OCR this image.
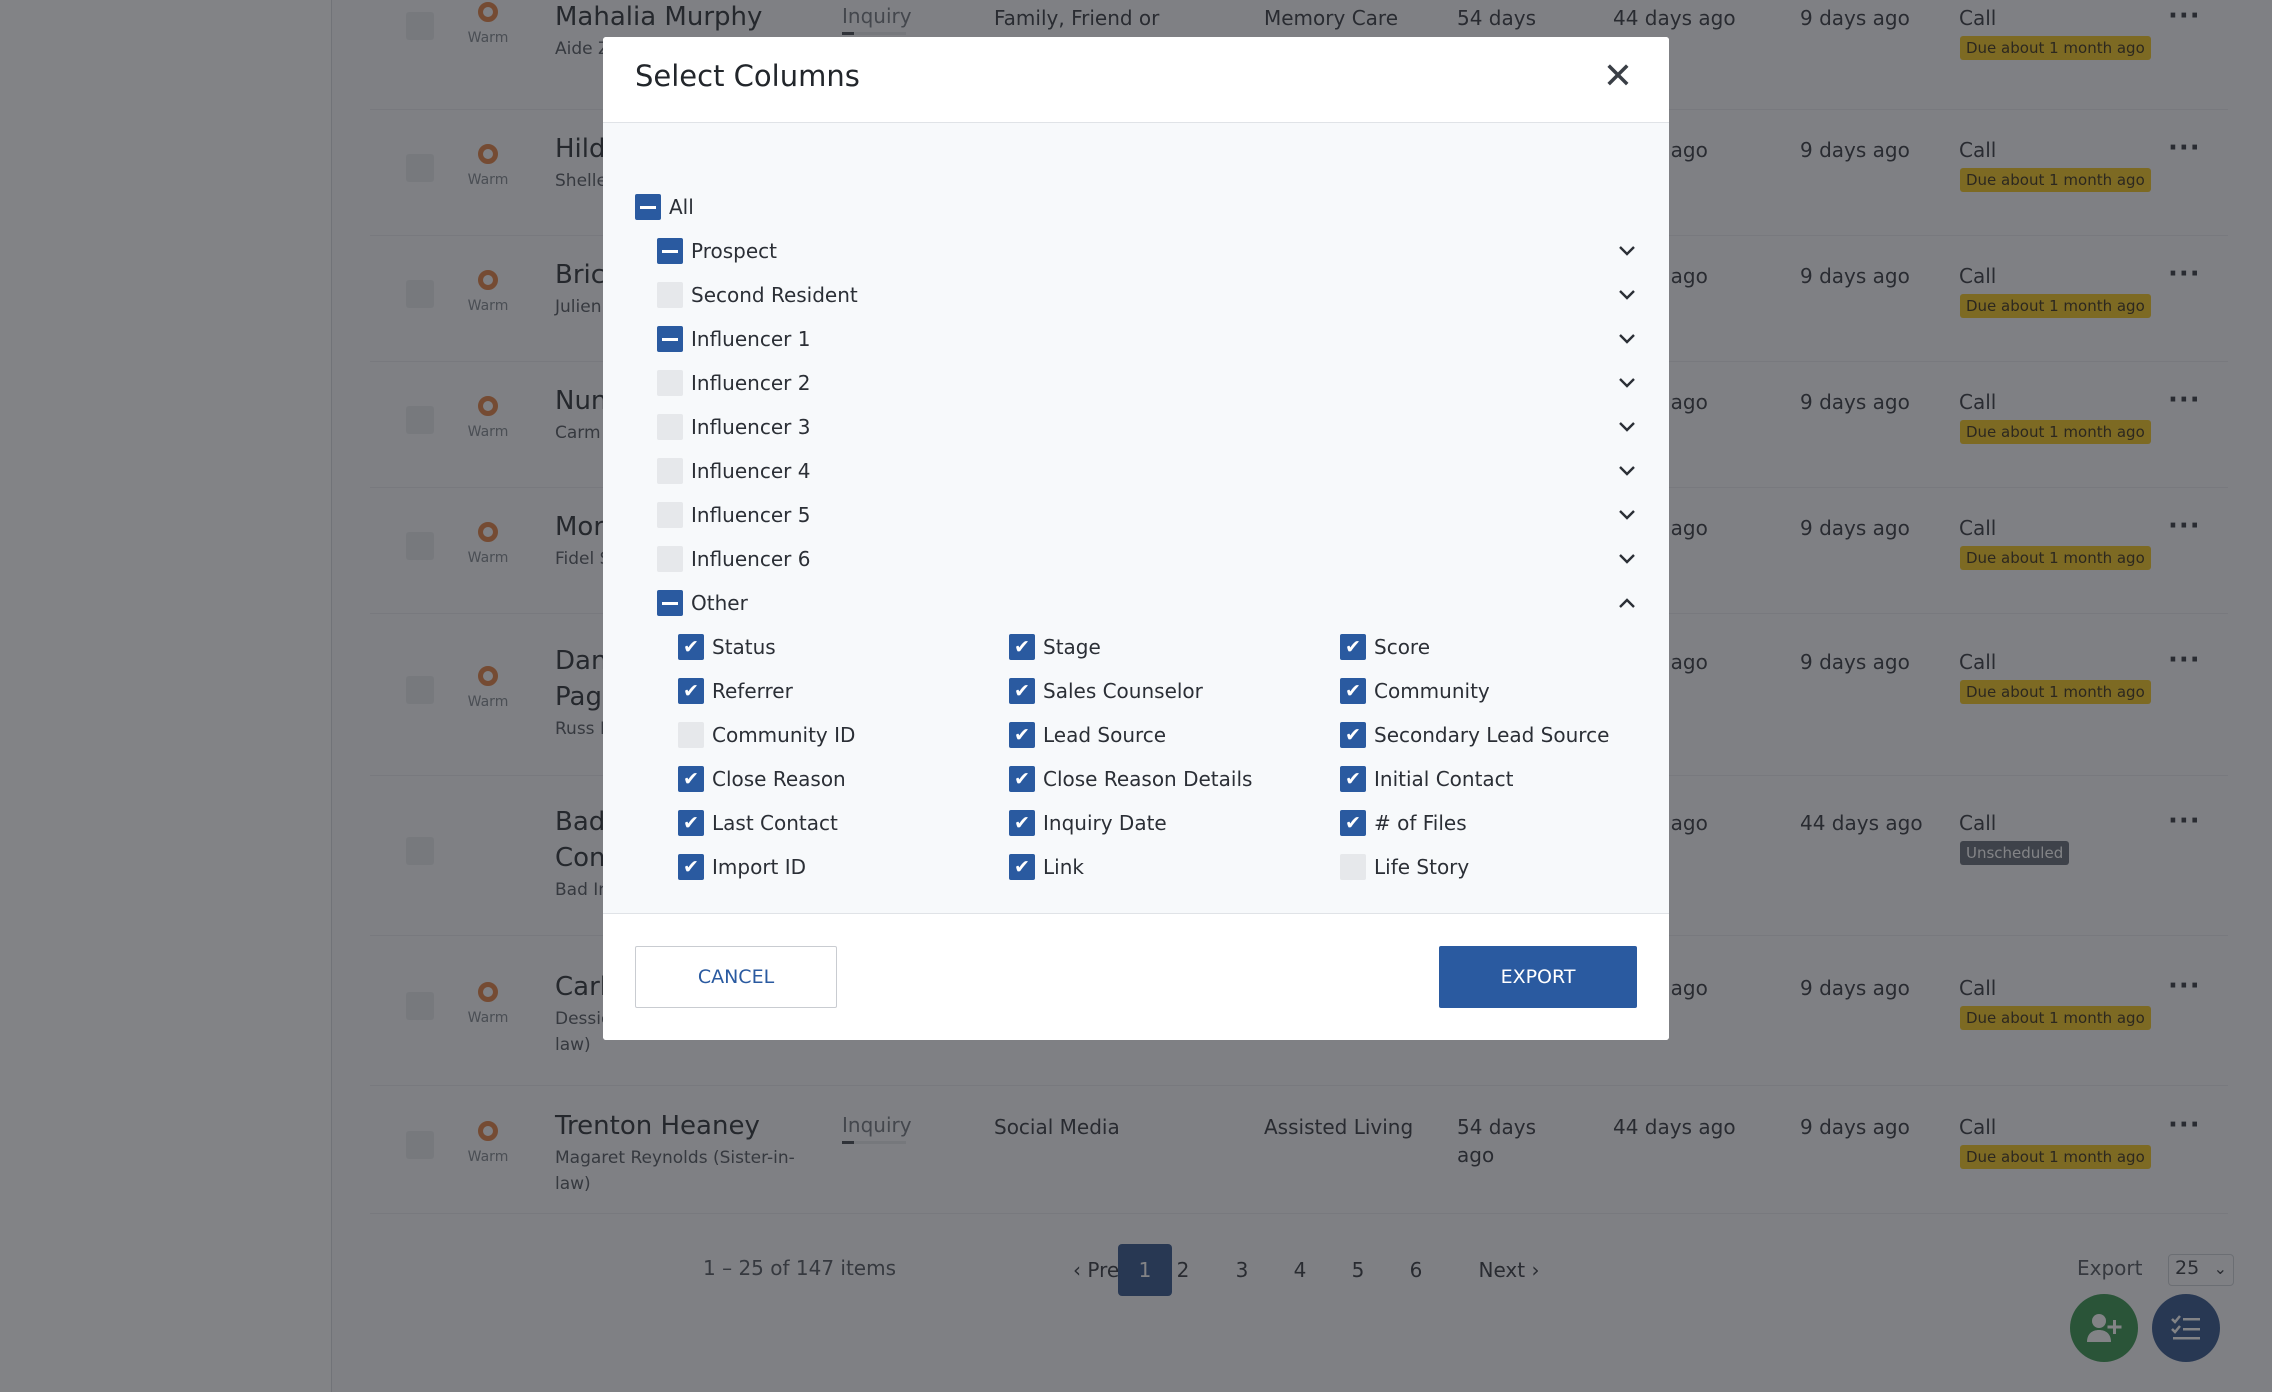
Select Columns	✕
All
Prospect
Second Resident
Influencer 1
Influencer 2
Influencer 3
Influencer 4
Influencer 5
Influencer 6
Other
✔ Status	✔ Stage	✔ Score
✔ Referrer	✔ Sales Counselor	✔ Community
Community ID	✔ Lead Source	✔ Secondary Lead Source
✔ Close Reason	✔ Close Reason Details	✔ Initial Contact
✔ Last Contact	✔ Inquiry Date	✔ # of Files
✔ Import ID	✔ Link	Life Story
CANCEL	EXPORT
